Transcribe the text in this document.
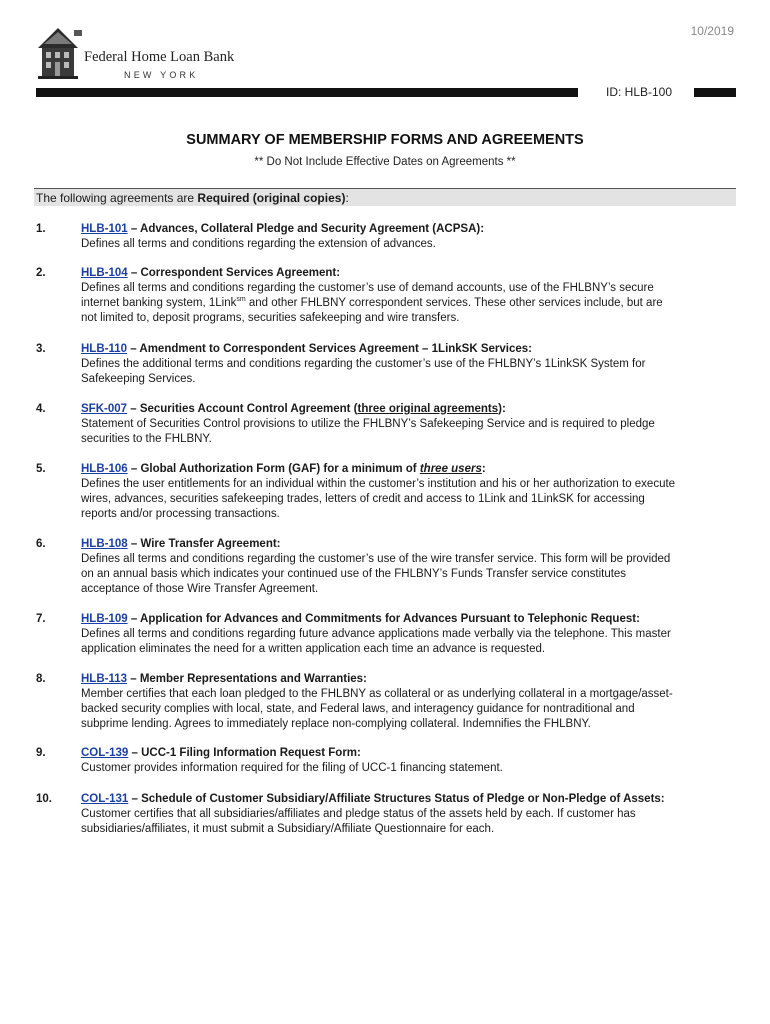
10/2019
Federal Home Loan Bank
NEW YORK
ID: HLB-100
SUMMARY OF MEMBERSHIP FORMS AND AGREEMENTS
** Do Not Include Effective Dates on Agreements **
The following agreements are Required (original copies):
1.	HLB-101 – Advances, Collateral Pledge and Security Agreement (ACPSA):
Defines all terms and conditions regarding the extension of advances.
2.	HLB-104 – Correspondent Services Agreement:
Defines all terms and conditions regarding the customer’s use of demand accounts, use of the FHLBNY’s secure
internet banking system, 1Link$^{sm}$ and other FHLBNY correspondent services. These other services include, but are
not limited to, deposit programs, securities safekeeping and wire transfers.
3.	HLB-110 – Amendment to Correspondent Services Agreement – 1LinkSK Services:
Defines the additional terms and conditions regarding the customer’s use of the FHLBNY’s 1LinkSK System for
Safekeeping Services.
4.	SFK-007 – Securities Account Control Agreement (three original agreements):
Statement of Securities Control provisions to utilize the FHLBNY’s Safekeeping Service and is required to pledge
securities to the FHLBNY.
5.	HLB-106 – Global Authorization Form (GAF) for a minimum of three users:
Defines the user entitlements for an individual within the customer’s institution and his or her authorization to execute
wires, advances, securities safekeeping trades, letters of credit and access to 1Link and 1LinkSK for accessing
reports and/or processing transactions.
6.	HLB-108 – Wire Transfer Agreement:
Defines all terms and conditions regarding the customer’s use of the wire transfer service. This form will be provided
on an annual basis which indicates your continued use of the FHLBNY’s Funds Transfer service constitutes
acceptance of those Wire Transfer Agreement.
7.	HLB-109 – Application for Advances and Commitments for Advances Pursuant to Telephonic Request:
Defines all terms and conditions regarding future advance applications made verbally via the telephone. This master
application eliminates the need for a written application each time an advance is requested.
8.	HLB-113 – Member Representations and Warranties:
Member certifies that each loan pledged to the FHLBNY as collateral or as underlying collateral in a mortgage/asset-
backed security complies with local, state, and Federal laws, and interagency guidance for nontraditional and
subprime lending. Agrees to immediately replace non-complying collateral. Indemnifies the FHLBNY.
9.	COL-139 – UCC-1 Filing Information Request Form:
Customer provides information required for the filing of UCC-1 financing statement.
10.	COL-131 – Schedule of Customer Subsidiary/Affiliate Structures Status of Pledge or Non-Pledge of Assets:
Customer certifies that all subsidiaries/affiliates and pledge status of the assets held by each. If customer has
subsidiaries/affiliates, it must submit a Subsidiary/Affiliate Questionnaire for each.
